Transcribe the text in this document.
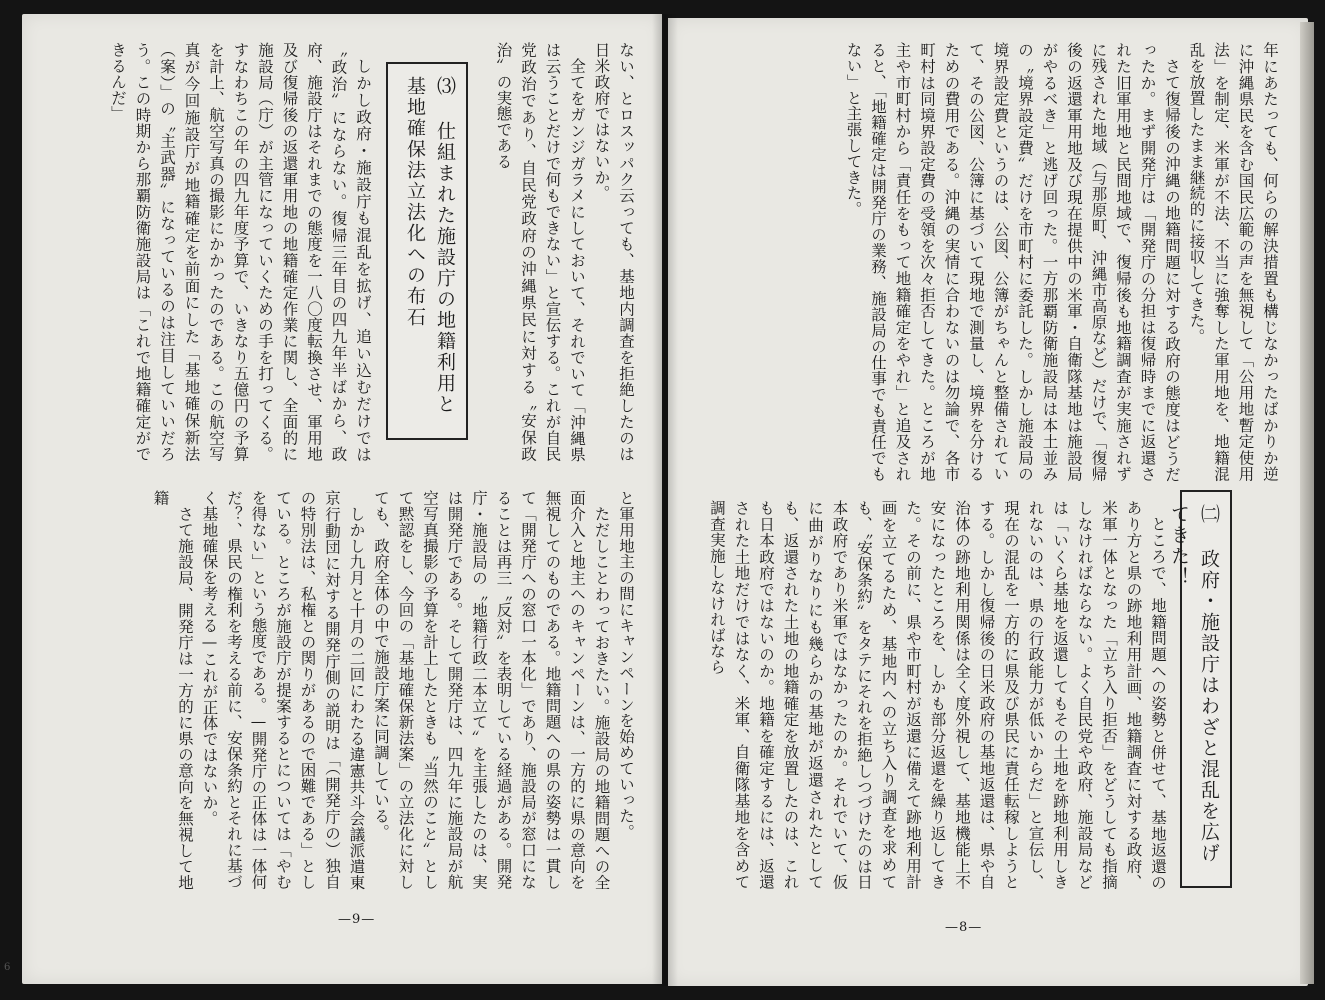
年にあたっても、何らの解決措置も構じなかったばかりか逆に沖縄県民を含む国民広範の声を無視して「公用地暫定使用法」を制定、米軍が不法、不当に強奪した軍用地を、地籍混乱を放置したまま継続的に接収してきた。

さて復帰後の沖縄の地籍問題に対する政府の態度はどうだったか。まず開発庁は「開発庁の分担は復帰時までに返還された旧軍用地と民間地域で、復帰後も地籍調査が実施されずに残された地域（与那原町、沖縄市高原など）だけで、「復帰後の返還軍用地及び現在提供中の米軍・自衛隊基地は施設局がやるべき」と逃げ回った。一方那覇防衛施設局は本土並みの〝境界設定費〟だけを市町村に委託した。しかし施設局の境界設定費というのは、公図、公簿がちゃんと整備されていて、その公図、公簿に基づいて現地で測量し、境界を分けるための費用である。沖縄の実情に合わないのは勿論で、各市町村は同境界設定費の受領を次々拒否してきた。ところが地主や市町村から「責任をもって地籍確定をやれ」と追及されると、「地籍確定は開発庁の業務、施設局の仕事でも責任でもない」と主張してきた。

㈡ 政府・施設庁はわざと混乱を広げてきた！

ところで、地籍問題への姿勢と併せて、基地返還のあり方と県の跡地利用計画、地籍調査に対する政府、米軍一体となった「立ち入り拒否」をどうしても指摘しなければならない。よく自民党や政府、施設局などは「いくら基地を返還してもその土地を跡地利用しきれないのは、県の行政能力が低いからだ」と宣伝し、現在の混乱を一方的に県及び県民に責任転稼しようとする。しかし復帰後の日米政府の基地返還は、県や自治体の跡地利用関係は全く度外視して、基地機能上不安になったところを、しかも部分返還を繰り返してきた。その前に、県や市町村が返還に備えて跡地利用計画を立てるため、基地内への立ち入り調査を求めても、〝安保条約〟をタテにそれを拒絶しつづけたのは日本政府であり米軍ではなかったのか。それでいて、仮に曲がりなりにも幾らかの基地が返還されたとしても、返還された土地の地籍確定を放置したのは、これも日本政府ではないのか。地籍を確定するには、返還された土地だけではなく、米軍、自衛隊基地を含めて調査実施しなければなら

—8—

ない、とロスッパク云っても、基地内調査を拒絶したのは日米政府ではないか。

全てをガンジガラメにしておいて、それでいて「沖縄県は云うことだけで何もできない」と宣伝する。これが自民党政治であり、自民党政府の沖縄県民に対する〝安保政治〟の実態である

⑶ 仕組まれた施設庁の地籍利用と
基地確保法立法化への布石

しかし政府・施設庁も混乱を拡げ、追い込むだけでは〝政治〟にならない。復帰三年目の四九年半ばから、政府、施設庁はそれまでの態度を一八〇度転換させ、軍用地及び復帰後の返還軍用地の地籍確定作業に関し、全面的に施設局（庁）が主管になっていくための手を打ってくる。すなわちこの年の四九年度予算で、いきなり五億円の予算を計上、航空写真の撮影にかかったのである。この航空写真が今回施設庁が地籍確定を前面にした「基地確保新法（案）」の〝主武器〟になっているのは注目していいだろう。この時期から那覇防衛施設局は「これで地籍確定ができるんだ」

と軍用地主の間にキャンペーンを始めていった。

ただしことわっておきたい。施設局の地籍問題への全面介入と地主へのキャンペーンは、一方的に県の意向を無視してのものである。地籍問題への県の姿勢は一貫して「開発庁への窓口一本化」であり、施設局が窓口になることは再三〝反対〟を表明している経過がある。開発庁・施設局の〝地籍行政二本立て〟を主張したのは、実は開発庁である。そして開発庁は、四九年に施設局が航空写真撮影の予算を計上したときも〝当然のこと〟として黙認をし、今回の「基地確保新法案」の立法化に対しても、政府全体の中で施設庁案に同調している。

しかし九月と十月の二回にわたる違憲共斗会議派遣東京行動団に対する開発庁側の説明は「（開発庁の）独自の特別法は、私権との関りがあるので困難である」としている。ところが施設庁が提案するとについては「やむを得ない」という態度である。—開発庁の正体は一体何だ？、県民の権利を考える前に、安保条約とそれに基づく基地確保を考える—これが正体ではないか。

さて施設局、開発庁は一方的に県の意向を無視して地籍

—9—
6
